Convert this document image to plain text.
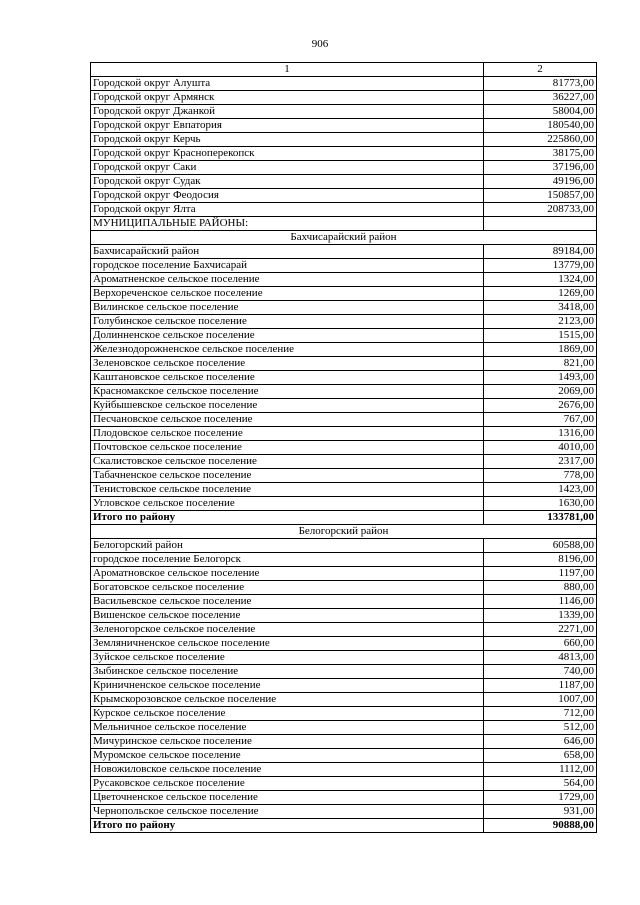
906
1	2
Городской округ Алушта	81773,00
Городской округ Армянск	36227,00
Городской округ Джанкой	58004,00
Городской округ Евпатория	180540,00
Городской округ Керчь	225860,00
Городской округ Красноперекопск	38175,00
Городской округ Саки	37196,00
Городской округ Судак	49196,00
Городской округ Феодосия	150857,00
Городской округ Ялта	208733,00
МУНИЦИПАЛЬНЫЕ РАЙОНЫ:	
Бахчисарайский район	
Бахчисарайский район	89184,00
городское поселение Бахчисарай	13779,00
Ароматненское сельское поселение	1324,00
Верхореченское сельское поселение	1269,00
Вилинское сельское поселение	3418,00
Голубинское сельское поселение	2123,00
Долинненское сельское поселение	1515,00
Железнодорожненское сельское поселение	1869,00
Зеленовское сельское поселение	821,00
Каштановское сельское поселение	1493,00
Красномакское сельское поселение	2069,00
Куйбышевское сельское поселение	2676,00
Песчановское сельское поселение	767,00
Плодовское сельское поселение	1316,00
Почтовское сельское поселение	4010,00
Скалистовское сельское поселение	2317,00
Табачненское сельское поселение	778,00
Тенистовское сельское поселение	1423,00
Угловское сельское поселение	1630,00
Итого по району	133781,00
Белогорский район	
Белогорский район	60588,00
городское поселение Белогорск	8196,00
Ароматновское сельское поселение	1197,00
Богатовское сельское поселение	880,00
Васильевское сельское поселение	1146,00
Вишенское сельское поселение	1339,00
Зеленогорское сельское поселение	2271,00
Земляничненское сельское поселение	660,00
Зуйское сельское поселение	4813,00
Зыбинское сельское поселение	740,00
Криничненское сельское поселение	1187,00
Крымскорозовское сельское поселение	1007,00
Курское сельское поселение	712,00
Мельничное сельское поселение	512,00
Мичуринское сельское поселение	646,00
Муромское сельское поселение	658,00
Новожиловское сельское поселение	1112,00
Русаковское сельское поселение	564,00
Цветочненское сельское поселение	1729,00
Чернопольское сельское поселение	931,00
Итого по району	90888,00
